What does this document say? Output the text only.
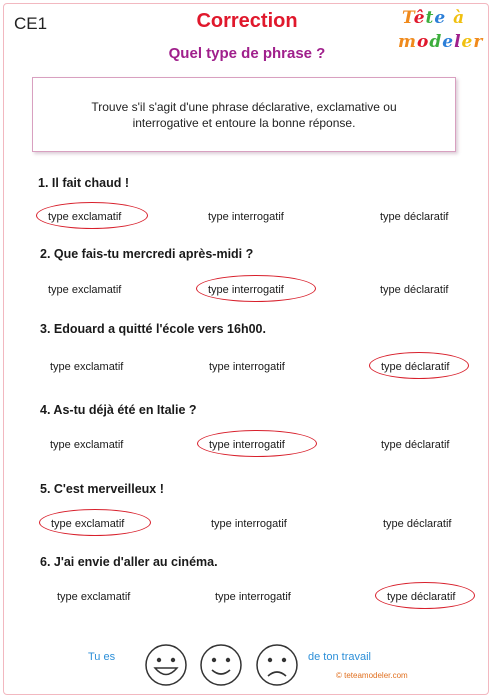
CE1	Correction
Quel type de phrase ?
Tête à
modeler
Trouve s'il s'agit d'une phrase déclarative, exclamative ou interrogative et entoure la bonne réponse.
1. Il fait chaud !
type exclamatif	type interrogatif	type déclaratif
2. Que fais-tu mercredi après-midi ?
type exclamatif	type interrogatif	type déclaratif
3. Edouard a quitté l'école vers 16h00.
type exclamatif	type interrogatif	type déclaratif
4. As-tu déjà été en Italie ?
type exclamatif	type interrogatif	type déclaratif
5. C'est merveilleux !
type exclamatif	type interrogatif	type déclaratif
6. J'ai envie d'aller au cinéma.
type exclamatif	type interrogatif	type déclaratif
Tu es	de ton travail
© teteamodeler.com
